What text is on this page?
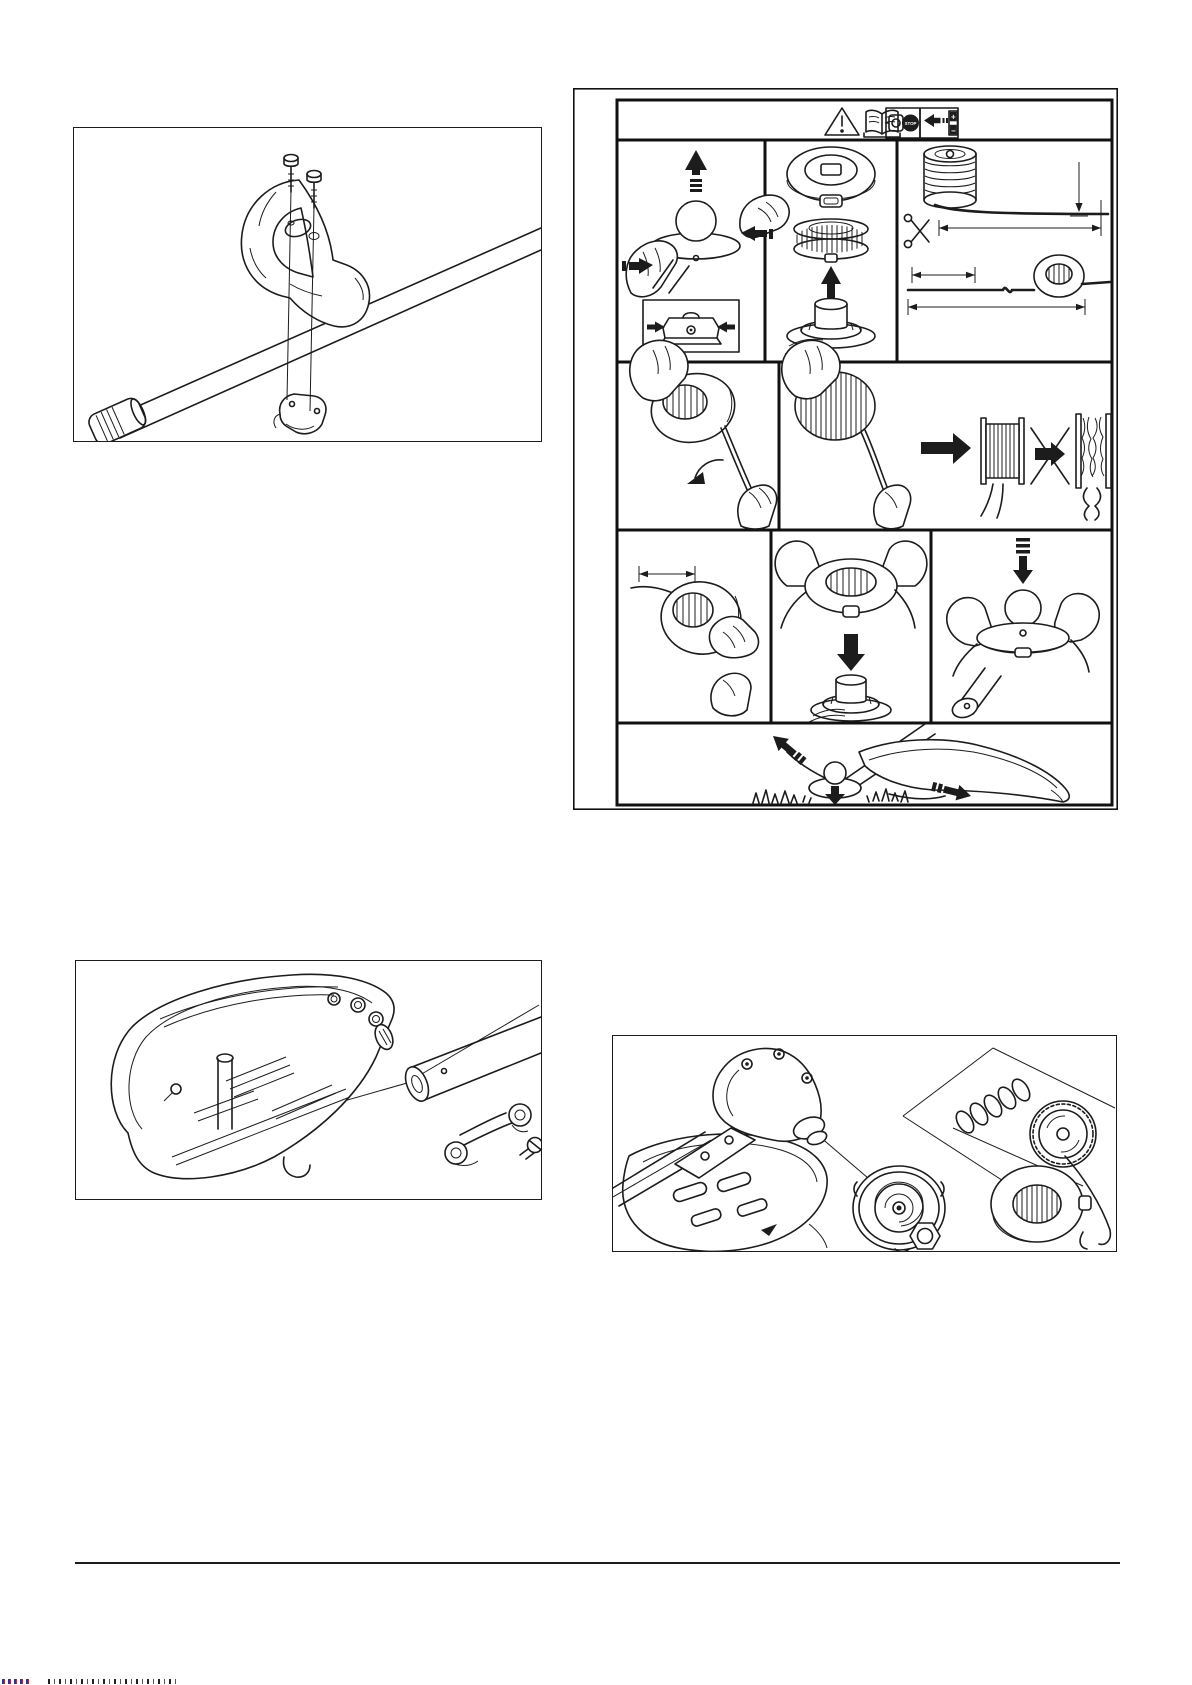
STOP
+
−
